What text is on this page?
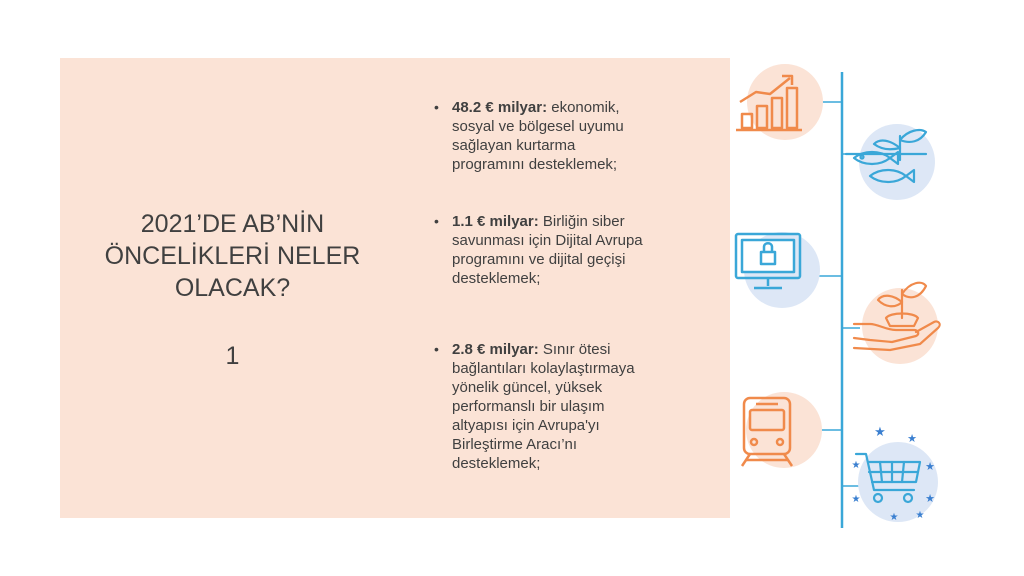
2021’DE AB’NİN
ÖNCELİKLERİ NELER
OLACAK?
1
• 48.2 € milyar: ekonomik,
sosyal ve bölgesel uyumu
sağlayan kurtarma
programını desteklemek;
• 1.1 € milyar: Birliğin siber
savunması için Dijital Avrupa
programını ve dijital geçişi
desteklemek;
• 2.8 € milyar: Sınır ötesi
bağlantıları kolaylaştırmaya
yönelik güncel, yüksek
performanslı bir ulaşım
altyapısı için Avrupa'yı
Birleştirme Aracı’nı
desteklemek;
★ ★
★
★
★	★
★ ★
